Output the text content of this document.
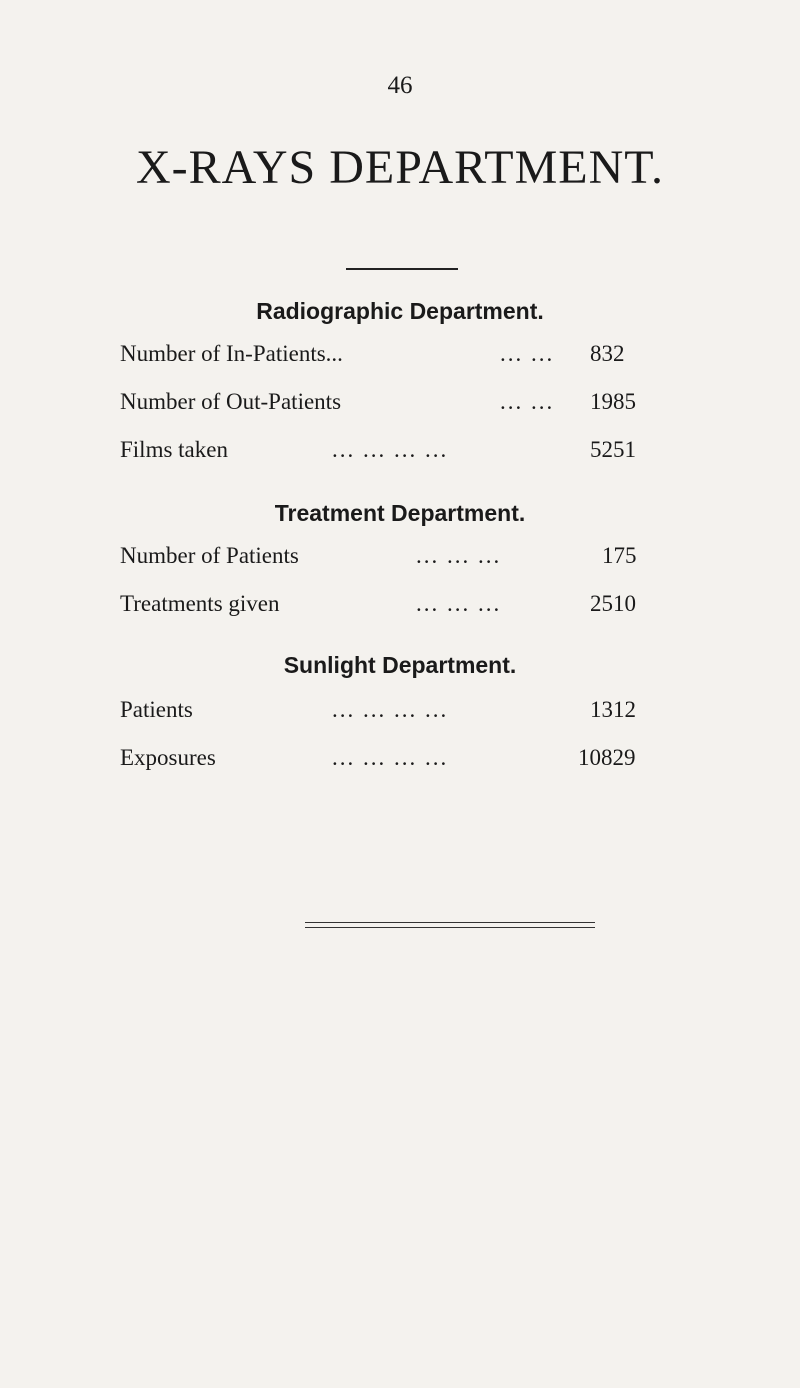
46
X-RAYS DEPARTMENT.
Radiographic Department.
Number of In-Patients...	... ... 832
Number of Out-Patients	... ... 1985
Films taken	... ... ... ...	5251
Treatment Department.
Number of Patients	... ... ...	175
Treatments given	... ... ...	2510
Sunlight Department.
Patients	... ... ... ...	1312
Exposures	... ... ... ...	10829
